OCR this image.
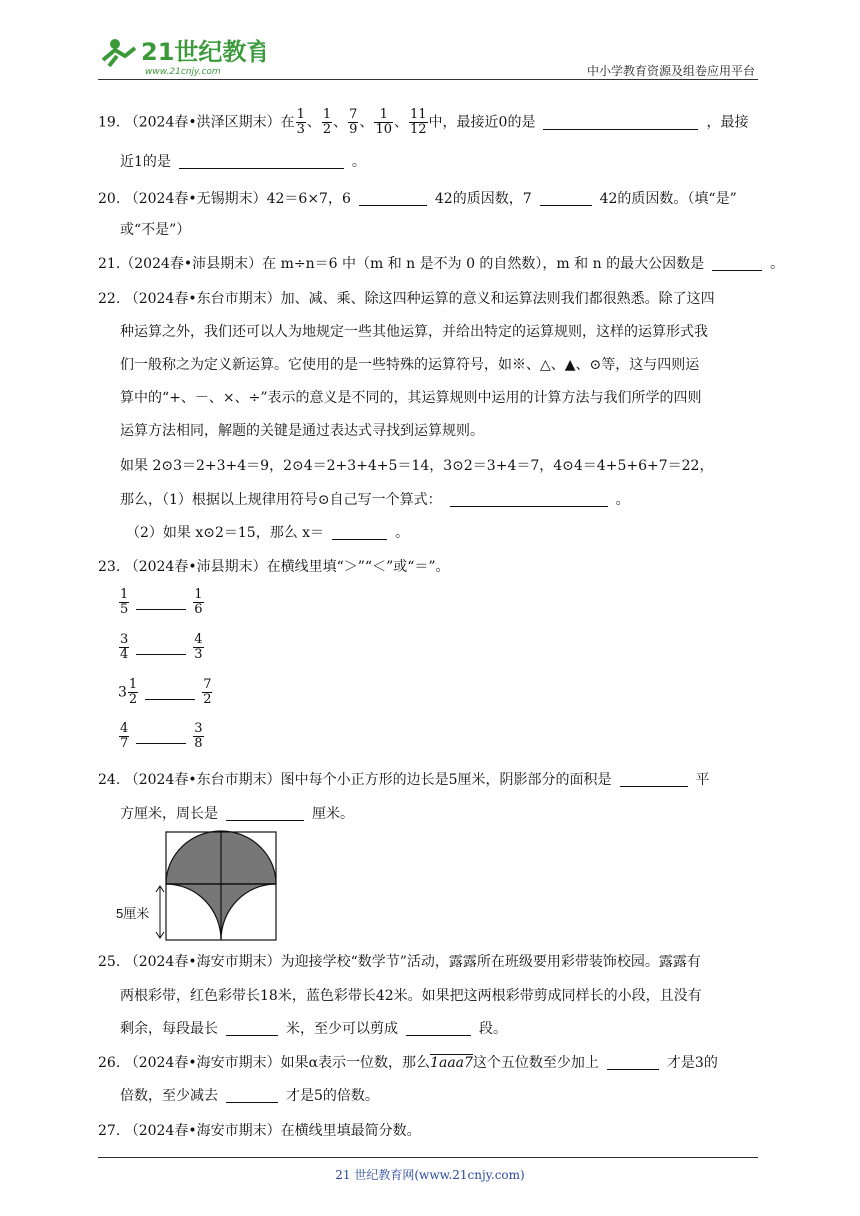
21世纪教育
www.21cnjy.com	中小学教育资源及组卷应用平台
19. （2024春•洪泽区期末）在 $\frac{1}{3}$ 、 $\frac{1}{2}$ 、 $\frac{7}{9}$ 、 $\frac{1}{10}$ 、 $\frac{11}{12}$ 中，最接近0的是	，最接
近1的是	。
20. （2024春•无锡期末）42＝6×7，6	42的质因数，7	42的质因数。（填“是”
或“不是”）
21.（2024春•沛县期末）在 m÷n＝6 中（m 和 n 是不为 0 的自然数），m 和 n 的最大公因数是	。
22. （2024春•东台市期末）加、减、乘、除这四种运算的意义和运算法则我们都很熟悉。除了这四
种运算之外，我们还可以人为地规定一些其他运算，并给出特定的运算规则，这样的运算形式我
们一般称之为定义新运算。它使用的是一些特殊的运算符号，如※、△、▲、⊙等，这与四则运
算中的“+、－、×、÷”表示的意义是不同的，其运算规则中运用的计算方法与我们所学的四则
运算方法相同，解题的关键是通过表达式寻找到运算规则。
如果 2⊙3＝2+3+4＝9，2⊙4＝2+3+4+5＝14，3⊙2＝3+4＝7，4⊙4＝4+5+6+7＝22，
那么，（1）根据以上规律用符号⊙自己写一个算式：	。
（2）如果 x⊙2＝15，那么 x＝	。
23. （2024春•沛县期末）在横线里填“＞”“＜”或“＝”。
$\frac{1}{5}$	$\frac{1}{6}$
$\frac{3}{4}$	$\frac{4}{3}$
$3 \frac{1}{2}$	$\frac{7}{2}$
$\frac{4}{7}$	$\frac{3}{8}$
24. （2024春•东台市期末）图中每个小正方形的边长是5厘米，阴影部分的面积是	平
方厘米，周长是	厘米。
5厘米
25. （2024春•海安市期末）为迎接学校“数学节”活动，露露所在班级要用彩带装饰校园。露露有
两根彩带，红色彩带长18米，蓝色彩带长42米。如果把这两根彩带剪成同样长的小段，且没有
剩余，每段最长	米，至少可以剪成	段。
26. （2024春•海安市期末）如果α表示一位数，那么1aaa7这个五位数至少加上	才是3的
倍数，至少减去	才是5的倍数。
27. （2024春•海安市期末）在横线里填最简分数。
21 世纪教育网(www.21cnjy.com)
